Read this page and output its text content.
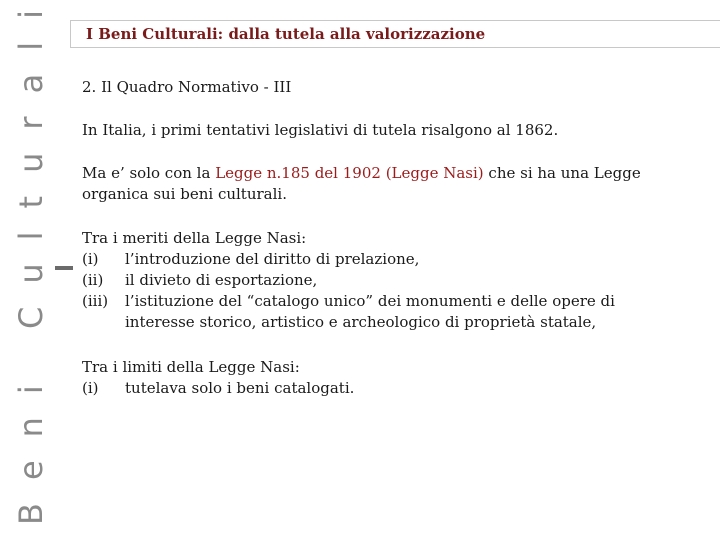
Beni Culturali
I Beni Culturali: dalla tutela alla valorizzazione
2. Il Quadro Normativo - III
In Italia, i primi tentativi legislativi di tutela risalgono al 1862.
Ma e’ solo con la Legge n.185 del 1902 (Legge Nasi) che si ha una Legge organica sui beni culturali.
Tra i meriti della Legge Nasi:
(i)	l’introduzione del diritto di prelazione,
(ii)	il divieto di esportazione,
(iii)	l’istituzione del “catalogo unico” dei monumenti e delle opere di interesse storico, artistico e archeologico di proprietà statale,
Tra i limiti della Legge Nasi:
(i)	tutelava solo i beni catalogati.
